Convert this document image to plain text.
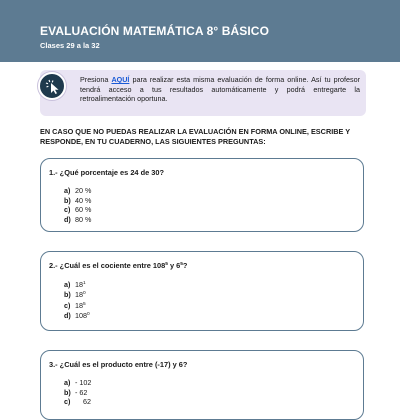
EVALUACIÓN MATEMÁTICA 8° BÁSICO
Clases 29 a la 32
Presiona AQUÍ para realizar esta misma evaluación de forma online. Así tu profesor tendrá acceso a tus resultados automáticamente y podrá entregarte la retroalimentación oportuna.
EN CASO QUE NO PUEDAS REALIZAR LA EVALUACIÓN EN FORMA ONLINE, ESCRIBE Y RESPONDE, EN TU CUADERNO, LAS SIGUIENTES PREGUNTAS:
1.- ¿Qué porcentaje es 24 de 30?
a) 20 %
b) 40 %
c) 60 %
d) 80 %
2.- ¿Cuál es el cociente entre $108^5$ y $6^5$?
a) $18^1$
b) $18^0$
c) $18^5$
d) $108^0$
3.- ¿Cuál es el producto entre (-17) y 6?
a) - 102
b) - 62
c) 62
